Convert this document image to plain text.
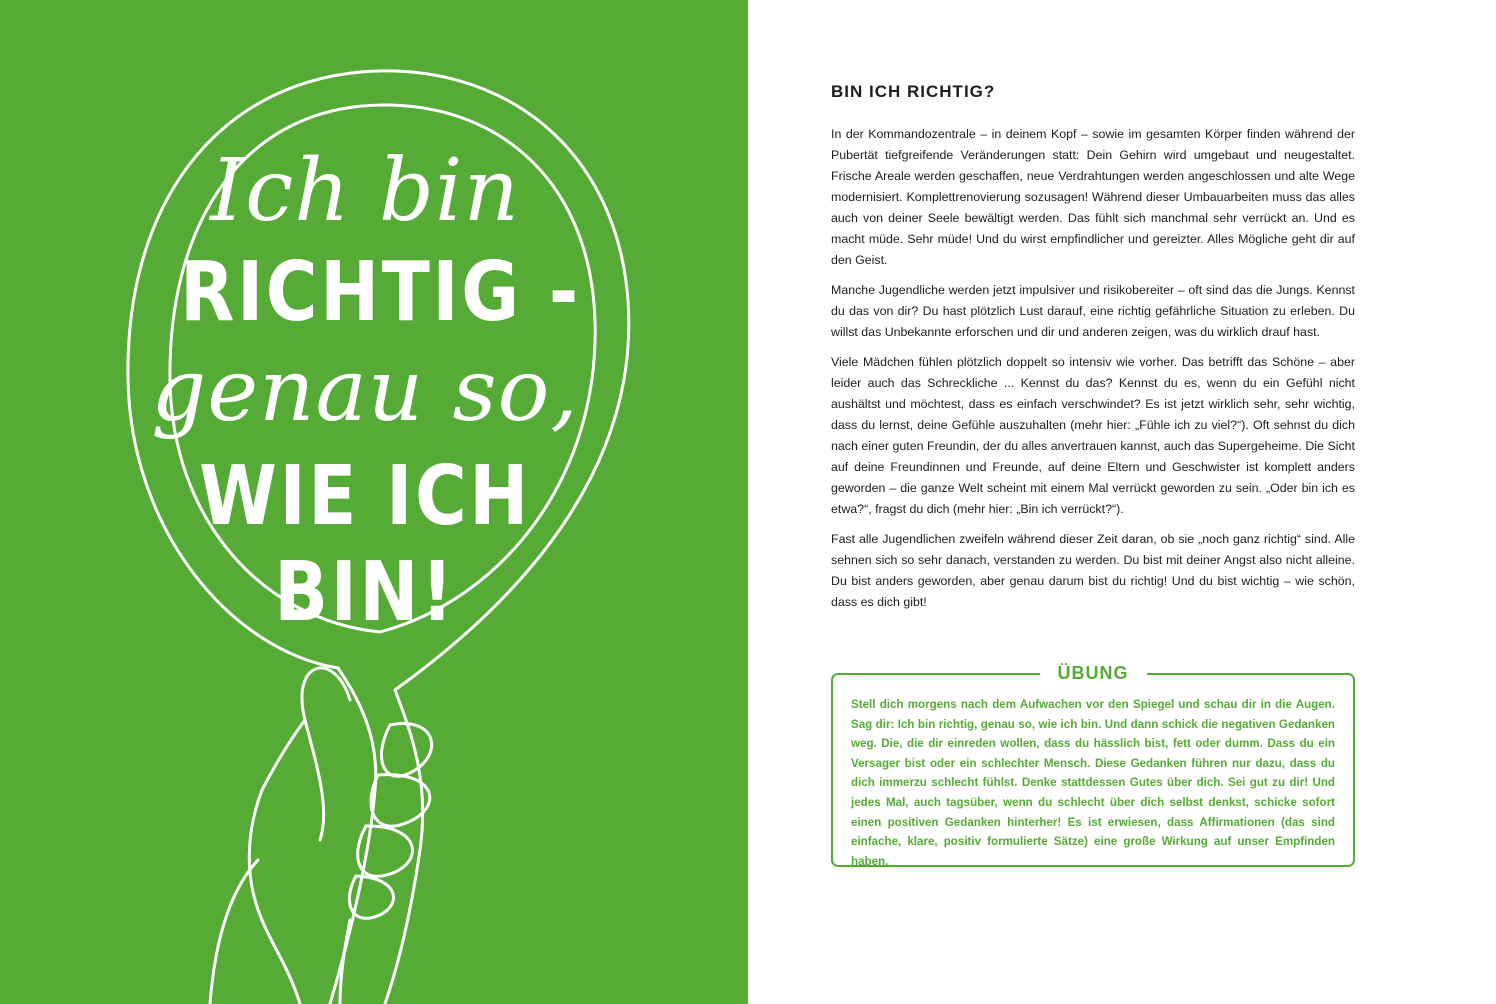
Ich bin
RICHTIG -
genau so,
WIE ICH
BIN!
BIN ICH RICHTIG?

In der Kommandozentrale – in deinem Kopf – sowie im gesamten Körper finden während der Pubertät tiefgreifende Veränderungen statt: Dein Gehirn wird umgebaut und neugestaltet. Frische Areale werden geschaffen, neue Verdrahtungen werden angeschlossen und alte Wege modernisiert. Komplettrenovierung sozusagen! Während dieser Umbauarbeiten muss das alles auch von deiner Seele bewältigt werden. Das fühlt sich manchmal sehr verrückt an. Und es macht müde. Sehr müde! Und du wirst empfindlicher und gereizter. Alles Mögliche geht dir auf den Geist.

Manche Jugendliche werden jetzt impulsiver und risikobereiter – oft sind das die Jungs. Kennst du das von dir? Du hast plötzlich Lust darauf, eine richtig gefährliche Situation zu erleben. Du willst das Unbekannte erforschen und dir und anderen zeigen, was du wirklich drauf hast.

Viele Mädchen fühlen plötzlich doppelt so intensiv wie vorher. Das betrifft das Schöne – aber leider auch das Schreckliche ... Kennst du das? Kennst du es, wenn du ein Gefühl nicht aushältst und möchtest, dass es einfach verschwindet? Es ist jetzt wirklich sehr, sehr wichtig, dass du lernst, deine Gefühle auszuhalten (mehr hier: „Fühle ich zu viel?“). Oft sehnst du dich nach einer guten Freundin, der du alles anvertrauen kannst, auch das Supergeheime. Die Sicht auf deine Freundinnen und Freunde, auf deine Eltern und Geschwister ist komplett anders geworden – die ganze Welt scheint mit einem Mal verrückt geworden zu sein. „Oder bin ich es etwa?“, fragst du dich (mehr hier: „Bin ich verrückt?“).

Fast alle Jugendlichen zweifeln während dieser Zeit daran, ob sie „noch ganz richtig“ sind. Alle sehnen sich so sehr danach, verstanden zu werden. Du bist mit deiner Angst also nicht alleine. Du bist anders geworden, aber genau darum bist du richtig! Und du bist wichtig – wie schön, dass es dich gibt!

ÜBUNG

Stell dich morgens nach dem Aufwachen vor den Spiegel und schau dir in die Augen. Sag dir: Ich bin richtig, genau so, wie ich bin. Und dann schick die negativen Gedanken weg. Die, die dir einreden wollen, dass du hässlich bist, fett oder dumm. Dass du ein Versager bist oder ein schlechter Mensch. Diese Gedanken führen nur dazu, dass du dich immerzu schlecht fühlst. Denke stattdessen Gutes über dich. Sei gut zu dir! Und jedes Mal, auch tagsüber, wenn du schlecht über dich selbst denkst, schicke sofort einen positiven Gedanken hinterher! Es ist erwiesen, dass Affirmationen (das sind einfache, klare, positiv formulierte Sätze) eine große Wirkung auf unser Empfinden haben.
